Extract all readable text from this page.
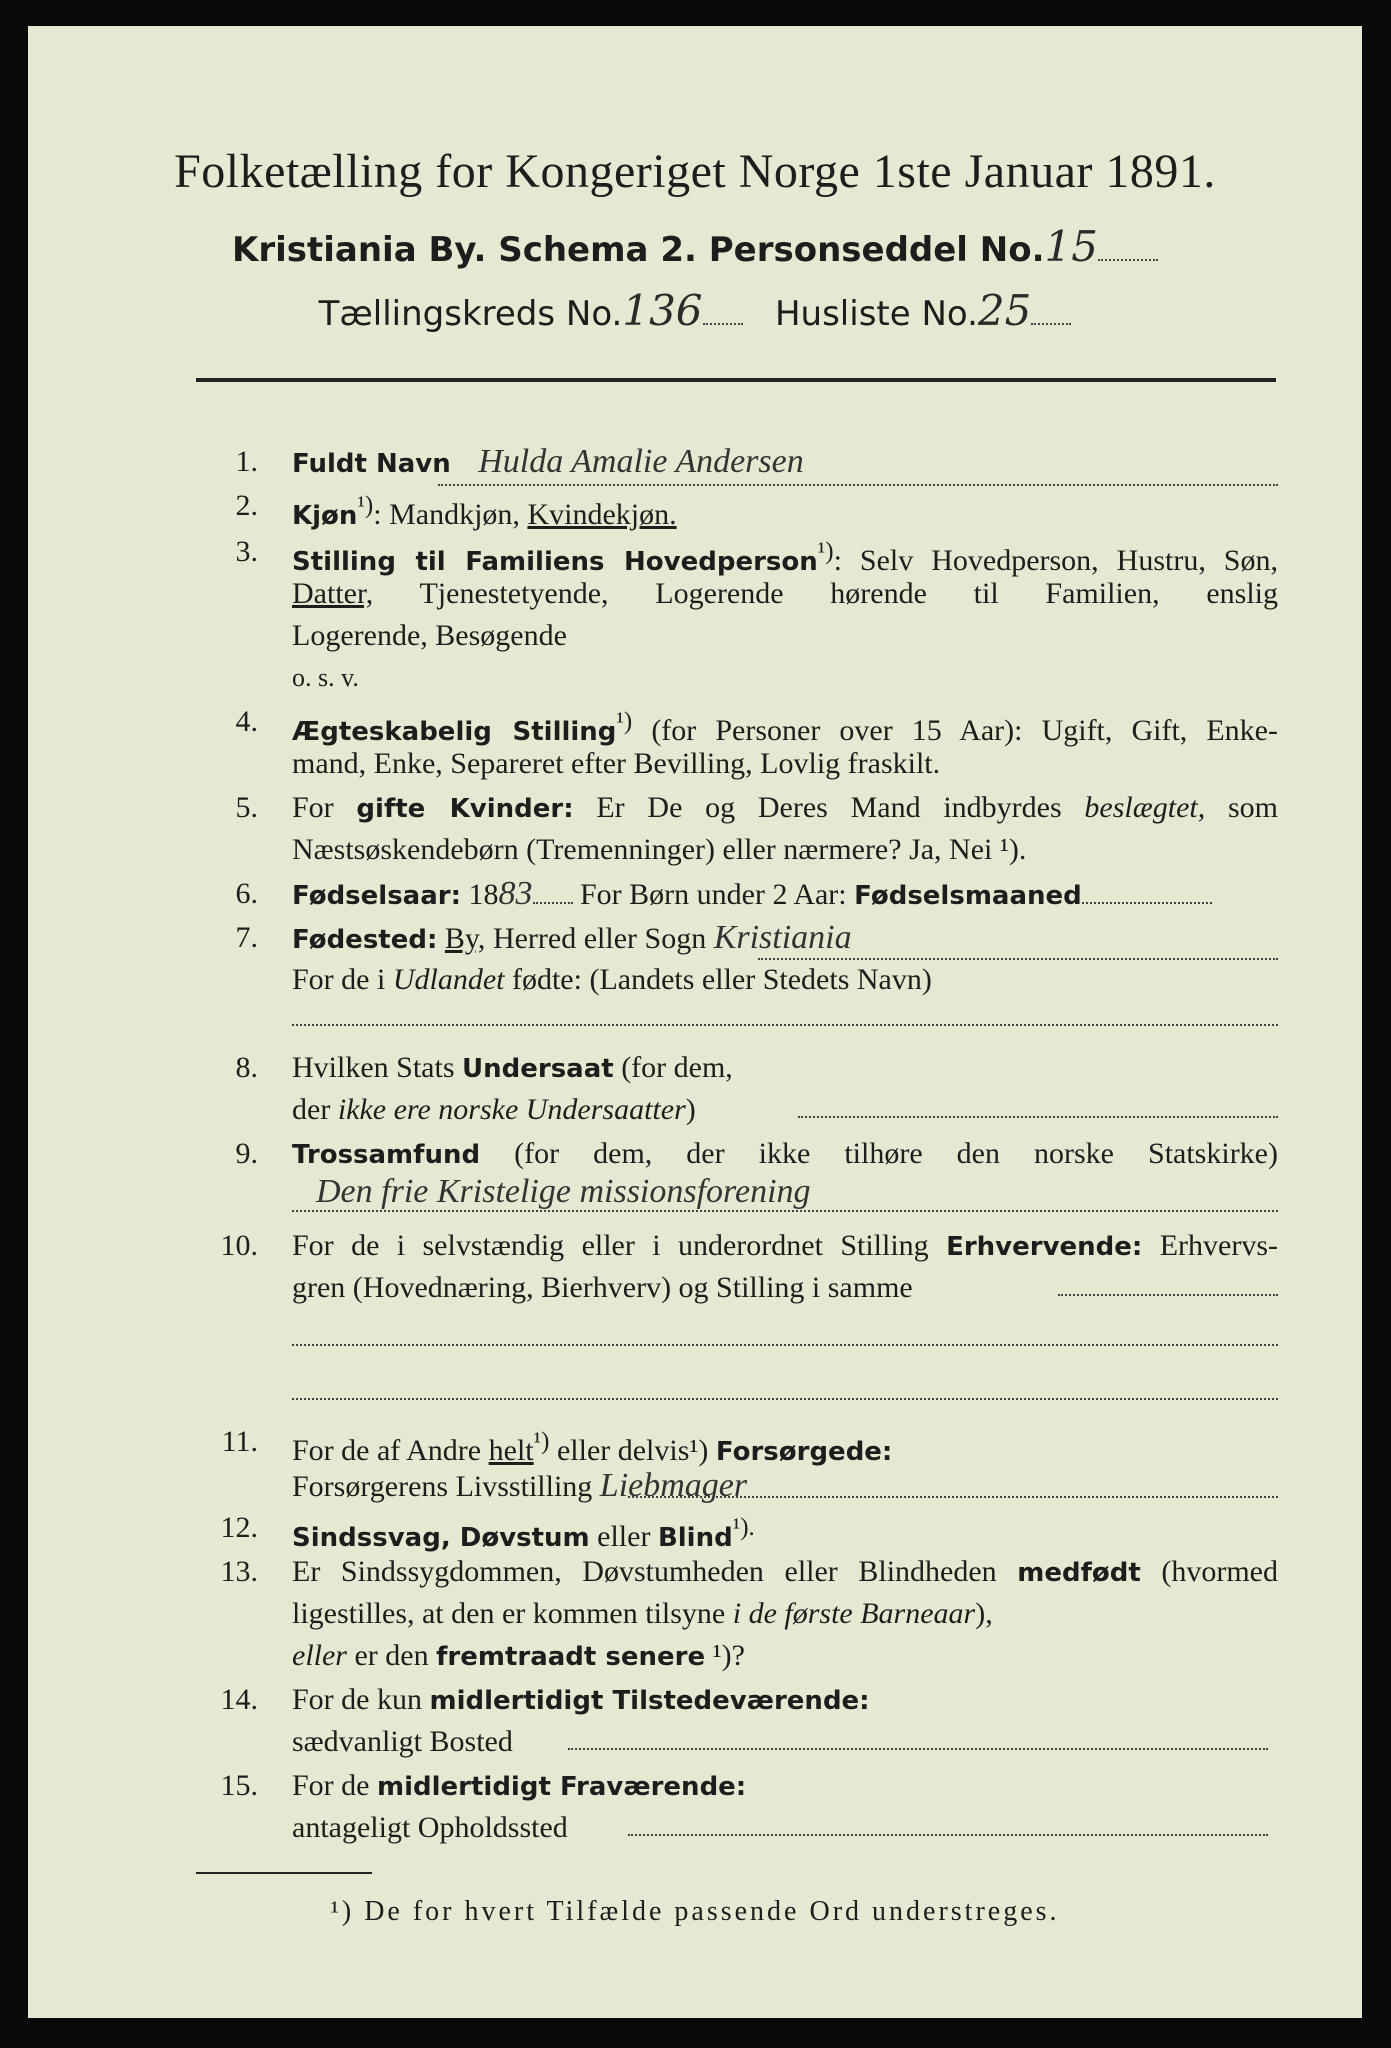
Folketælling for Kongeriget Norge 1ste Januar 1891.
Kristiania By. Schema 2. Personseddel No.15
Tællingskreds No.136 Husliste No.25
1. Fuldt Navn Hulda Amalie Andersen
2. Kjøn$^{^1)}$: Mandkjøn, Kvindekjøn.
3. Stilling til Familiens Hovedperson$^{^1)}$: Selv Hovedperson, Hustru, Søn,
Datter, Tjenestetyende, Logerende hørende til Familien, enslig
Logerende, Besøgende
o. s. v.
4. Ægteskabelig Stilling$^{^1)}$ (for Personer over 15 Aar): Ugift, Gift, Enke-
mand, Enke, Separeret efter Bevilling, Lovlig fraskilt.
5. For gifte Kvinder: Er De og Deres Mand indbyrdes beslægtet, som
Næstsøskendebørn (Tremenninger) eller nærmere? Ja, Nei ¹).
6. Fødselsaar: 1883 For Børn under 2 Aar: Fødselsmaaned
7. Fødested: By, Herred eller Sogn Kristiania
For de i Udlandet fødte: (Landets eller Stedets Navn)
8. Hvilken Stats Undersaat (for dem,
der ikke ere norske Undersaatter)
9. Trossamfund (for dem, der ikke tilhøre den norske Statskirke)
Den frie Kristelige missionsforening
10. For de i selvstændig eller i underordnet Stilling Erhvervende: Erhvervs-
gren (Hovednæring, Bierhverv) og Stilling i samme
11. For de af Andre helt$^{^1)}$ eller delvis¹) Forsørgede:
Forsørgerens Livsstilling Liebmager
12. Sindssvag, Døvstum eller Blind$^{^1).}$
13. Er Sindssygdommen, Døvstumheden eller Blindheden medfødt (hvormed
ligestilles, at den er kommen tilsyne i de første Barneaar),
eller er den fremtraadt senere ¹)?
14. For de kun midlertidigt Tilstedeværende:
sædvanligt Bosted
15. For de midlertidigt Fraværende:
antageligt Opholdssted
¹) De for hvert Tilfælde passende Ord understreges.
